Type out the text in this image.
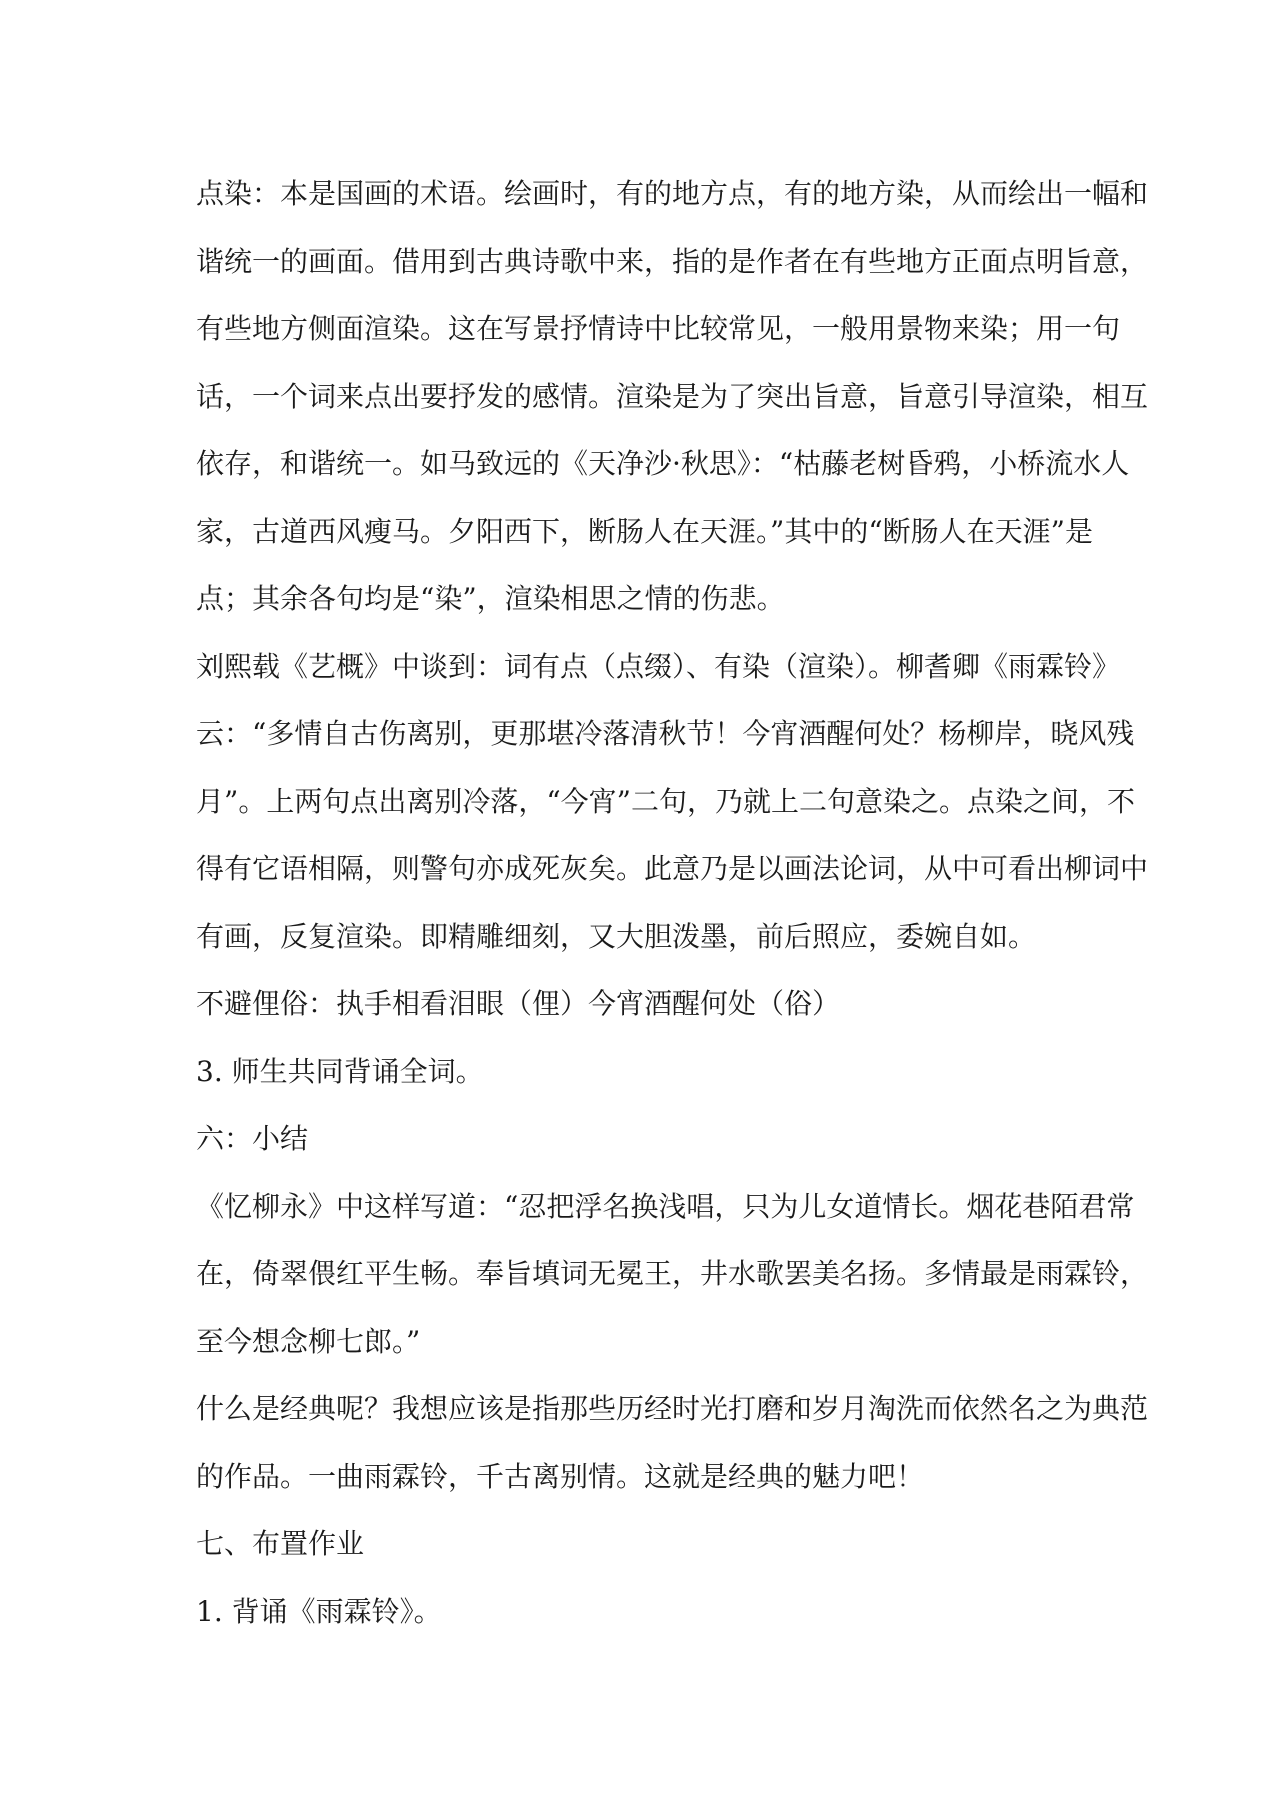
点染：本是国画的术语。绘画时，有的地方点，有的地方染，从而绘出一幅和
谐统一的画面。借用到古典诗歌中来，指的是作者在有些地方正面点明旨意，
有些地方侧面渲染。这在写景抒情诗中比较常见，一般用景物来染；用一句
话，一个词来点出要抒发的感情。渲染是为了突出旨意，旨意引导渲染，相互
依存，和谐统一。如马致远的《天净沙·秋思》：“枯藤老树昏鸦，小桥流水人
家，古道西风瘦马。夕阳西下，断肠人在天涯。”其中的“断肠人在天涯”是
点；其余各句均是“染”，渲染相思之情的伤悲。
刘熙载《艺概》中谈到：词有点（点缀）、有染（渲染）。柳耆卿《雨霖铃》
云：“多情自古伤离别，更那堪冷落清秋节！今宵酒醒何处？杨柳岸，晓风残
月”。上两句点出离别冷落，“今宵”二句，乃就上二句意染之。点染之间，不
得有它语相隔，则警句亦成死灰矣。此意乃是以画法论词，从中可看出柳词中
有画，反复渲染。即精雕细刻，又大胆泼墨，前后照应，委婉自如。
不避俚俗：执手相看泪眼（俚）今宵酒醒何处（俗）
3. 师生共同背诵全词。
六：小结
《忆柳永》中这样写道：“忍把浮名换浅唱，只为儿女道情长。烟花巷陌君常
在，倚翠偎红平生畅。奉旨填词无冕王，井水歌罢美名扬。多情最是雨霖铃，
至今想念柳七郎。”
什么是经典呢？我想应该是指那些历经时光打磨和岁月淘洗而依然名之为典范
的作品。一曲雨霖铃，千古离别情。这就是经典的魅力吧！
七、布置作业
1. 背诵《雨霖铃》。
